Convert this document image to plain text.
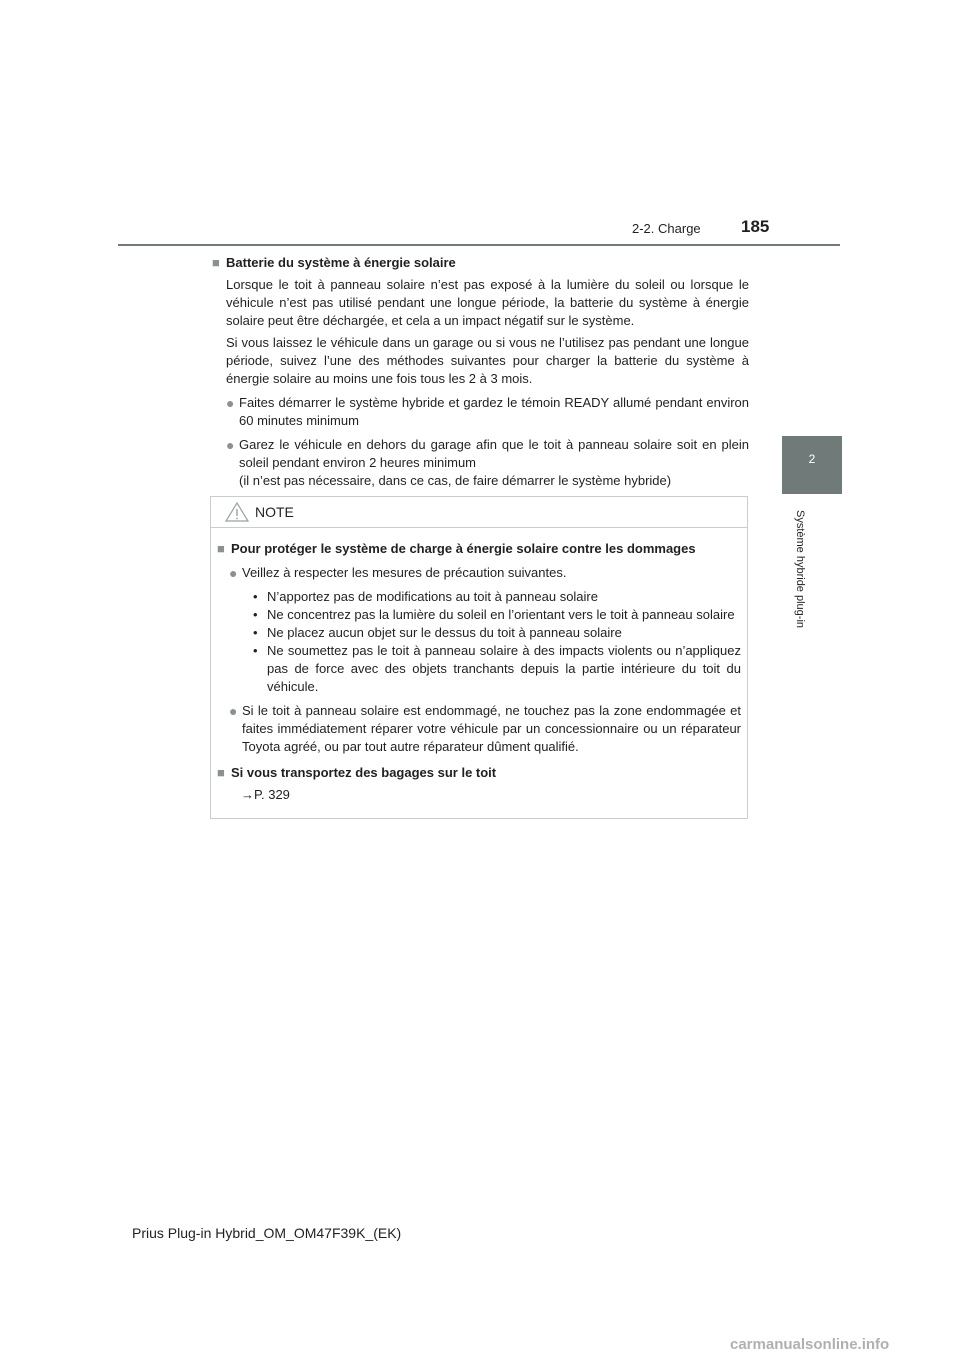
2-2. Charge 185
2
Système hybride plug-in
■ Batterie du système à énergie solaire

Lorsque le toit à panneau solaire n’est pas exposé à la lumière du soleil ou lorsque le véhicule n’est pas utilisé pendant une longue période, la batterie du système à énergie solaire peut être déchargée, et cela a un impact négatif sur le système.

Si vous laissez le véhicule dans un garage ou si vous ne l’utilisez pas pendant une longue période, suivez l’une des méthodes suivantes pour charger la batterie du système à énergie solaire au moins une fois tous les 2 à 3 mois.

● Faites démarrer le système hybride et gardez le témoin READY allumé pendant environ 60 minutes minimum
● Garez le véhicule en dehors du garage afin que le toit à panneau solaire soit en plein soleil pendant environ 2 heures minimum
(il n’est pas nécessaire, dans ce cas, de faire démarrer le système hybride)
NOTE
■ Pour protéger le système de charge à énergie solaire contre les dommages
● Veillez à respecter les mesures de précaution suivantes.
• N’apportez pas de modifications au toit à panneau solaire
• Ne concentrez pas la lumière du soleil en l’orientant vers le toit à panneau solaire
• Ne placez aucun objet sur le dessus du toit à panneau solaire
• Ne soumettez pas le toit à panneau solaire à des impacts violents ou n’appliquez pas de force avec des objets tranchants depuis la partie intérieure du toit du véhicule.
● Si le toit à panneau solaire est endommagé, ne touchez pas la zone endommagée et faites immédiatement réparer votre véhicule par un concessionnaire ou un réparateur Toyota agréé, ou par tout autre réparateur dûment qualifié.
■ Si vous transportez des bagages sur le toit
→P. 329
Prius Plug-in Hybrid_OM_OM47F39K_(EK)
carmanualsonline.info
